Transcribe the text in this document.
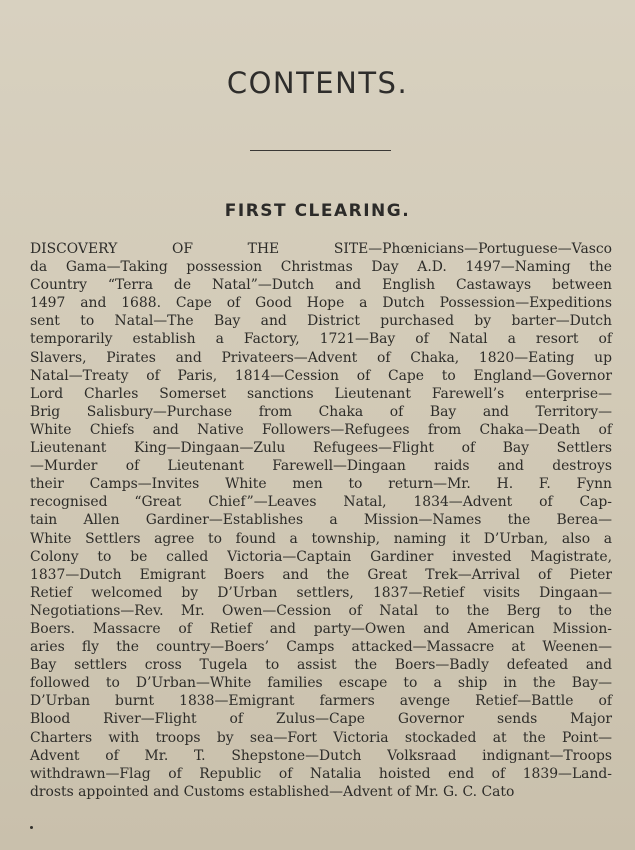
CONTENTS.
FIRST CLEARING.
DISCOVERY OF THE SITE—Phœnicians—Portuguese—Vasco
da Gama—Taking possession Christmas Day A.D. 1497—Naming the
Country “Terra de Natal”—Dutch and English Castaways between
1497 and 1688. Cape of Good Hope a Dutch Possession—Expeditions
sent to Natal—The Bay and District purchased by barter—Dutch
temporarily establish a Factory, 1721—Bay of Natal a resort of
Slavers, Pirates and Privateers—Advent of Chaka, 1820—Eating up
Natal—Treaty of Paris, 1814—Cession of Cape to England—Governor
Lord Charles Somerset sanctions Lieutenant Farewell’s enterprise—
Brig Salisbury—Purchase from Chaka of Bay and Territory—
White Chiefs and Native Followers—Refugees from Chaka—Death of
Lieutenant King—Dingaan—Zulu Refugees—Flight of Bay Settlers
—Murder of Lieutenant Farewell—Dingaan raids and destroys
their Camps—Invites White men to return—Mr. H. F. Fynn
recognised “Great Chief”—Leaves Natal, 1834—Advent of Cap-
tain Allen Gardiner—Establishes a Mission—Names the Berea—
White Settlers agree to found a township, naming it D’Urban, also a
Colony to be called Victoria—Captain Gardiner invested Magistrate,
1837—Dutch Emigrant Boers and the Great Trek—Arrival of Pieter
Retief welcomed by D’Urban settlers, 1837—Retief visits Dingaan—
Negotiations—Rev. Mr. Owen—Cession of Natal to the Berg to the
Boers. Massacre of Retief and party—Owen and American Mission-
aries fly the country—Boers’ Camps attacked—Massacre at Weenen—
Bay settlers cross Tugela to assist the Boers—Badly defeated and
followed to D’Urban—White families escape to a ship in the Bay—
D’Urban burnt 1838—Emigrant farmers avenge Retief—Battle of
Blood River—Flight of Zulus—Cape Governor sends Major
Charters with troops by sea—Fort Victoria stockaded at the Point—
Advent of Mr. T. Shepstone—Dutch Volksraad indignant—Troops
withdrawn—Flag of Republic of Natalia hoisted end of 1839—Land-
drosts appointed and Customs established—Advent of Mr. G. C. Cato
